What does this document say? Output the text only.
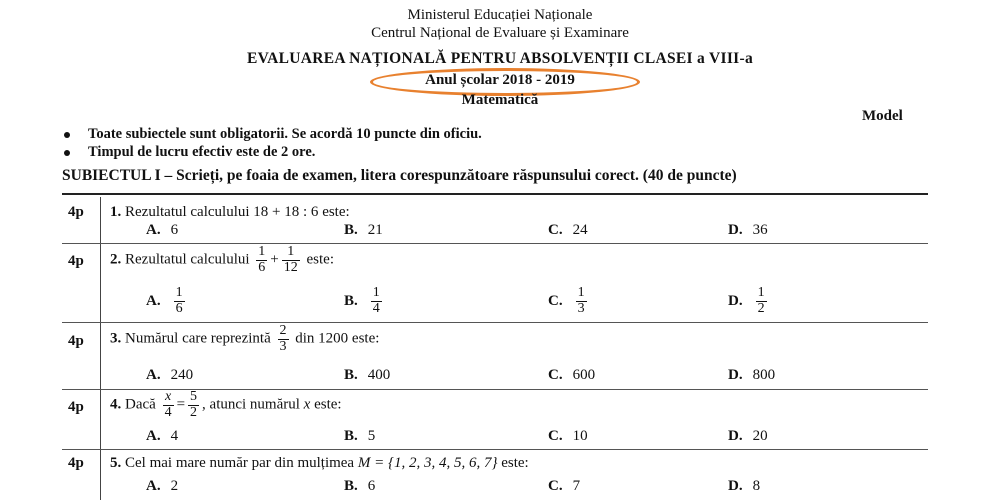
Ministerul Educației Naționale
Centrul Național de Evaluare și Examinare
EVALUAREA NAȚIONALĂ PENTRU ABSOLVENȚII CLASEI a VIII-a
Anul școlar 2018 - 2019
Matematică
Model
Toate subiectele sunt obligatorii. Se acordă 10 puncte din oficiu.
Timpul de lucru efectiv este de 2 ore.
SUBIECTUL I – Scrieți, pe foaia de examen, litera corespunzătoare răspunsului corect. (40 de puncte)
4p 1. Rezultatul calculului 18 + 18 : 6 este:
A. 6	B. 21	C. 24	D. 36
4p 2. Rezultatul calculului $\frac{1}{6} + \frac{1}{12}$ este:
A. $\frac{1}{6}$	B. $\frac{1}{4}$	C. $\frac{1}{3}$	D. $\frac{1}{2}$
4p 3. Numărul care reprezintă $\frac{2}{3}$ din 1200 este:
A. 240	B. 400	C. 600	D. 800
4p 4. Dacă $\frac{x}{4} = \frac{5}{2}$ , atunci numărul x este:
A. 4	B. 5	C. 10	D. 20
4p 5. Cel mai mare număr par din mulțimea M = {1, 2, 3, 4, 5, 6, 7} este:
A. 2	B. 6	C. 7	D. 8
